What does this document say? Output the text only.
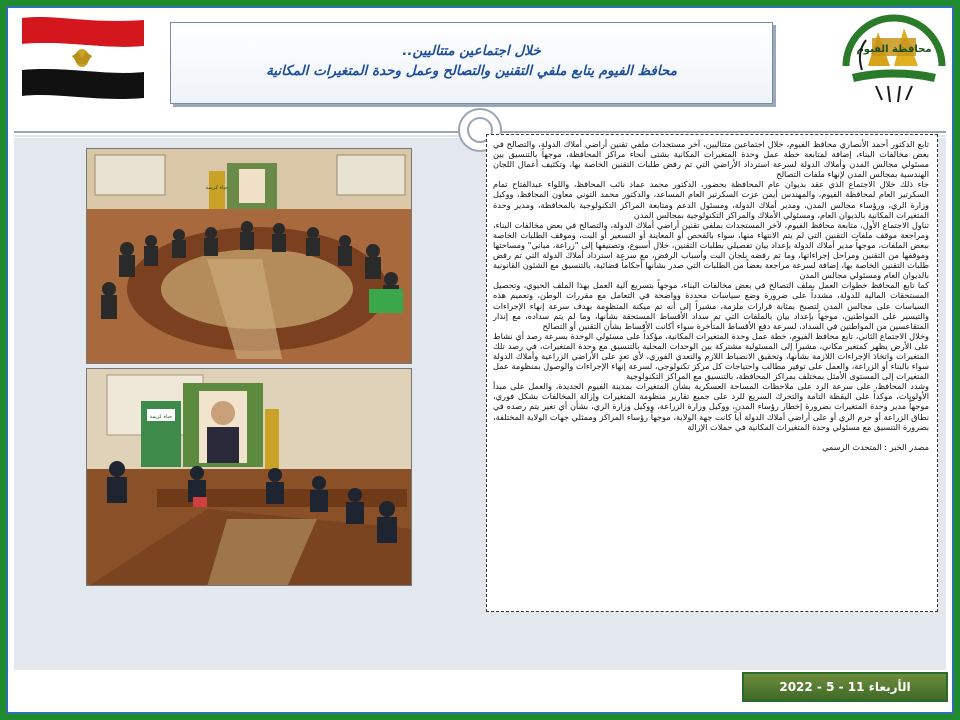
محافظة الفيوم
خلال اجتماعين متتاليين..
محافظ الفيوم يتابع ملفي التقنين والتصالح وعمل وحدة المتغيرات المكانية
حياة كريمة
حياة كريمة

تابع الدكتور أحمد الأنصاري محافظ الفيوم، خلال اجتماعين متتاليين، آخر مستجدات ملفي تقنين أراضي أملاك الدولة، والتصالح في بعض مخالفات البناء، إضافة لمتابعة خطة عمل وحدة المتغيرات المكانية بشتى أنحاء مراكز المحافظة، موجهاً بالتنسيق بين مسئولي مجالس المدن وأملاك الدولة لسرعة استرداد الأراضي التي تم رفض طلبات التقنين الخاصة بها، وتكثيف أعمال اللجان الهندسية بمجالس المدن لإنهاء ملفات التصالح

جاء ذلك خلال الاجتماع الذي عقد بديوان عام المحافظة بحضور، الدكتور محمد عماد نائب المحافظ، واللواء عبدالفتاح تمام السكرتير العام لمحافظة الفيوم، والمهندس أيمن عزت السكرتير العام المساعد، والدكتور محمد التوني معاون المحافظ، ووكيل وزارة الري، ورؤساء مجالس المدن، ومدير أملاك الدولة، ومسئول الدعم ومتابعة المراكز التكنولوجية بالمحافظة، ومدير وحدة المتغيرات المكانية بالديوان العام، ومسئولي الأملاك والمراكز التكنولوجية بمجالس المدن

تناول الاجتماع الأول، متابعة محافظ الفيوم، لآخر المستجدات بملفي تقنين أراضي أملاك الدولة، والتصالح في بعض مخالفات البناء، ومراجعة موقف ملفات التقنين التي لم يتم الانتهاء منها، سواء بالفحص أو المعاينة أو التسعير أو البت، وموقف الطلبات الخاصة ببعض الملفات، موجهاً مدير أملاك الدولة بإعداد بيان تفصيلي بطلبات التقنين، خلال أسبوع، وتصنيفها إلى "زراعة، مباني" ومساحتها وموقفها من التقنين ومراحل إجراءاتها، وما تم رفضه بلجان البت وأسباب الرفض، مع سرعة استرداد أملاك الدولة التي تم رفض طلبات التقنين الخاصة بها، إضافة لسرعة مراجعة بعضاً من الطلبات التي صدر بشأنها أحكاماً قضائية، بالتنسيق مع الشئون القانونية بالديوان العام ومسئولي مجالس المدن

كما تابع المحافظ خطوات العمل بملف التصالح في بعض مخالفات البناء، موجهاً بتسريع آلية العمل بهذا الملف الحيوي، وتحصيل المستحقات المالية للدولة، مشدداً على ضرورة وضع سياسات محددة وواضحة في التعامل مع مقررات الوطن، وتعميم هذه السياسات على مجالس المدن لتصبح بمثابة قرارات ملزمة، مشيراً إلى أنه تم ميكنة المنظومة بهدف سرعة إنهاء الإجراءات والتيسير على المواطنين، موجهاً بإعداد بيان بالملفات التي تم سداد الأقساط المستحقة بشأنها، وما لم يتم سداده، مع إنذار المتقاعسين من المواطنين في السداد، لسرعة دفع الأقساط المتأخرة سواء أكانت الأقساط بشأن التقنين أو التصالح

وخلال الاجتماع الثاني، تابع محافظ الفيوم، خطة عمل وحدة المتغيرات المكانية، مؤكداً على مسئولي الوحدة بسرعة رصد أي نشاط على الأرض يظهر كمتغير مكاني، مشيراً إلى المسئولية مشتركة بين الوحدات المحلية بالتنسيق مع وحدة المتغيرات، في رصد تلك المتغيرات واتخاذ الإجراءات اللازمة بشأنها، وتحقيق الانضباط اللازم والتعدي الفوري، لأي تعدٍ على الأراضي الزراعية وأملاك الدولة سواء بالبناء أو الزراعة، والعمل على توفير مطالب واحتياجات كل مركز تكنولوجي، لسرعة إنهاء الإجراءات والوصول بمنظومة عمل المتغيرات إلى المستوى الأمثل بمختلف بمراكز المحافظة، بالتنسيق مع المراكز التكنولوجية

وشدد المحافظ، على سرعة الرد على ملاحظات المساحة العسكرية بشأن المتغيرات بمدينة الفيوم الجديدة، والعمل على مبدأ الأولويات، موكداً على اليقظة التامة والتحرك السريع للرد على جميع تقارير منظومة المتغيرات وإزالة المخالفات بشكل فوري، موجهاً مدير وحدة المتغيرات بضرورة إخطار رؤساء المدن، ووكيل وزارة الزراعة، ووكيل وزارة الري، بشأن أي تغير يتم رصده في نطاق الزراعة أو حرم الري أو على أراضي أملاك الدولة أياً كانت جهة الولاية، موجهاً رؤساء المراكز وممثلي جهات الولاية المختلفة، بضرورة التنسيق مع مسئولي وحدة المتغيرات المكانية في حملات الإزالة

مصدر الخبر : المتحدث الرسمي

الأربعاء 11 - 5 - 2022
